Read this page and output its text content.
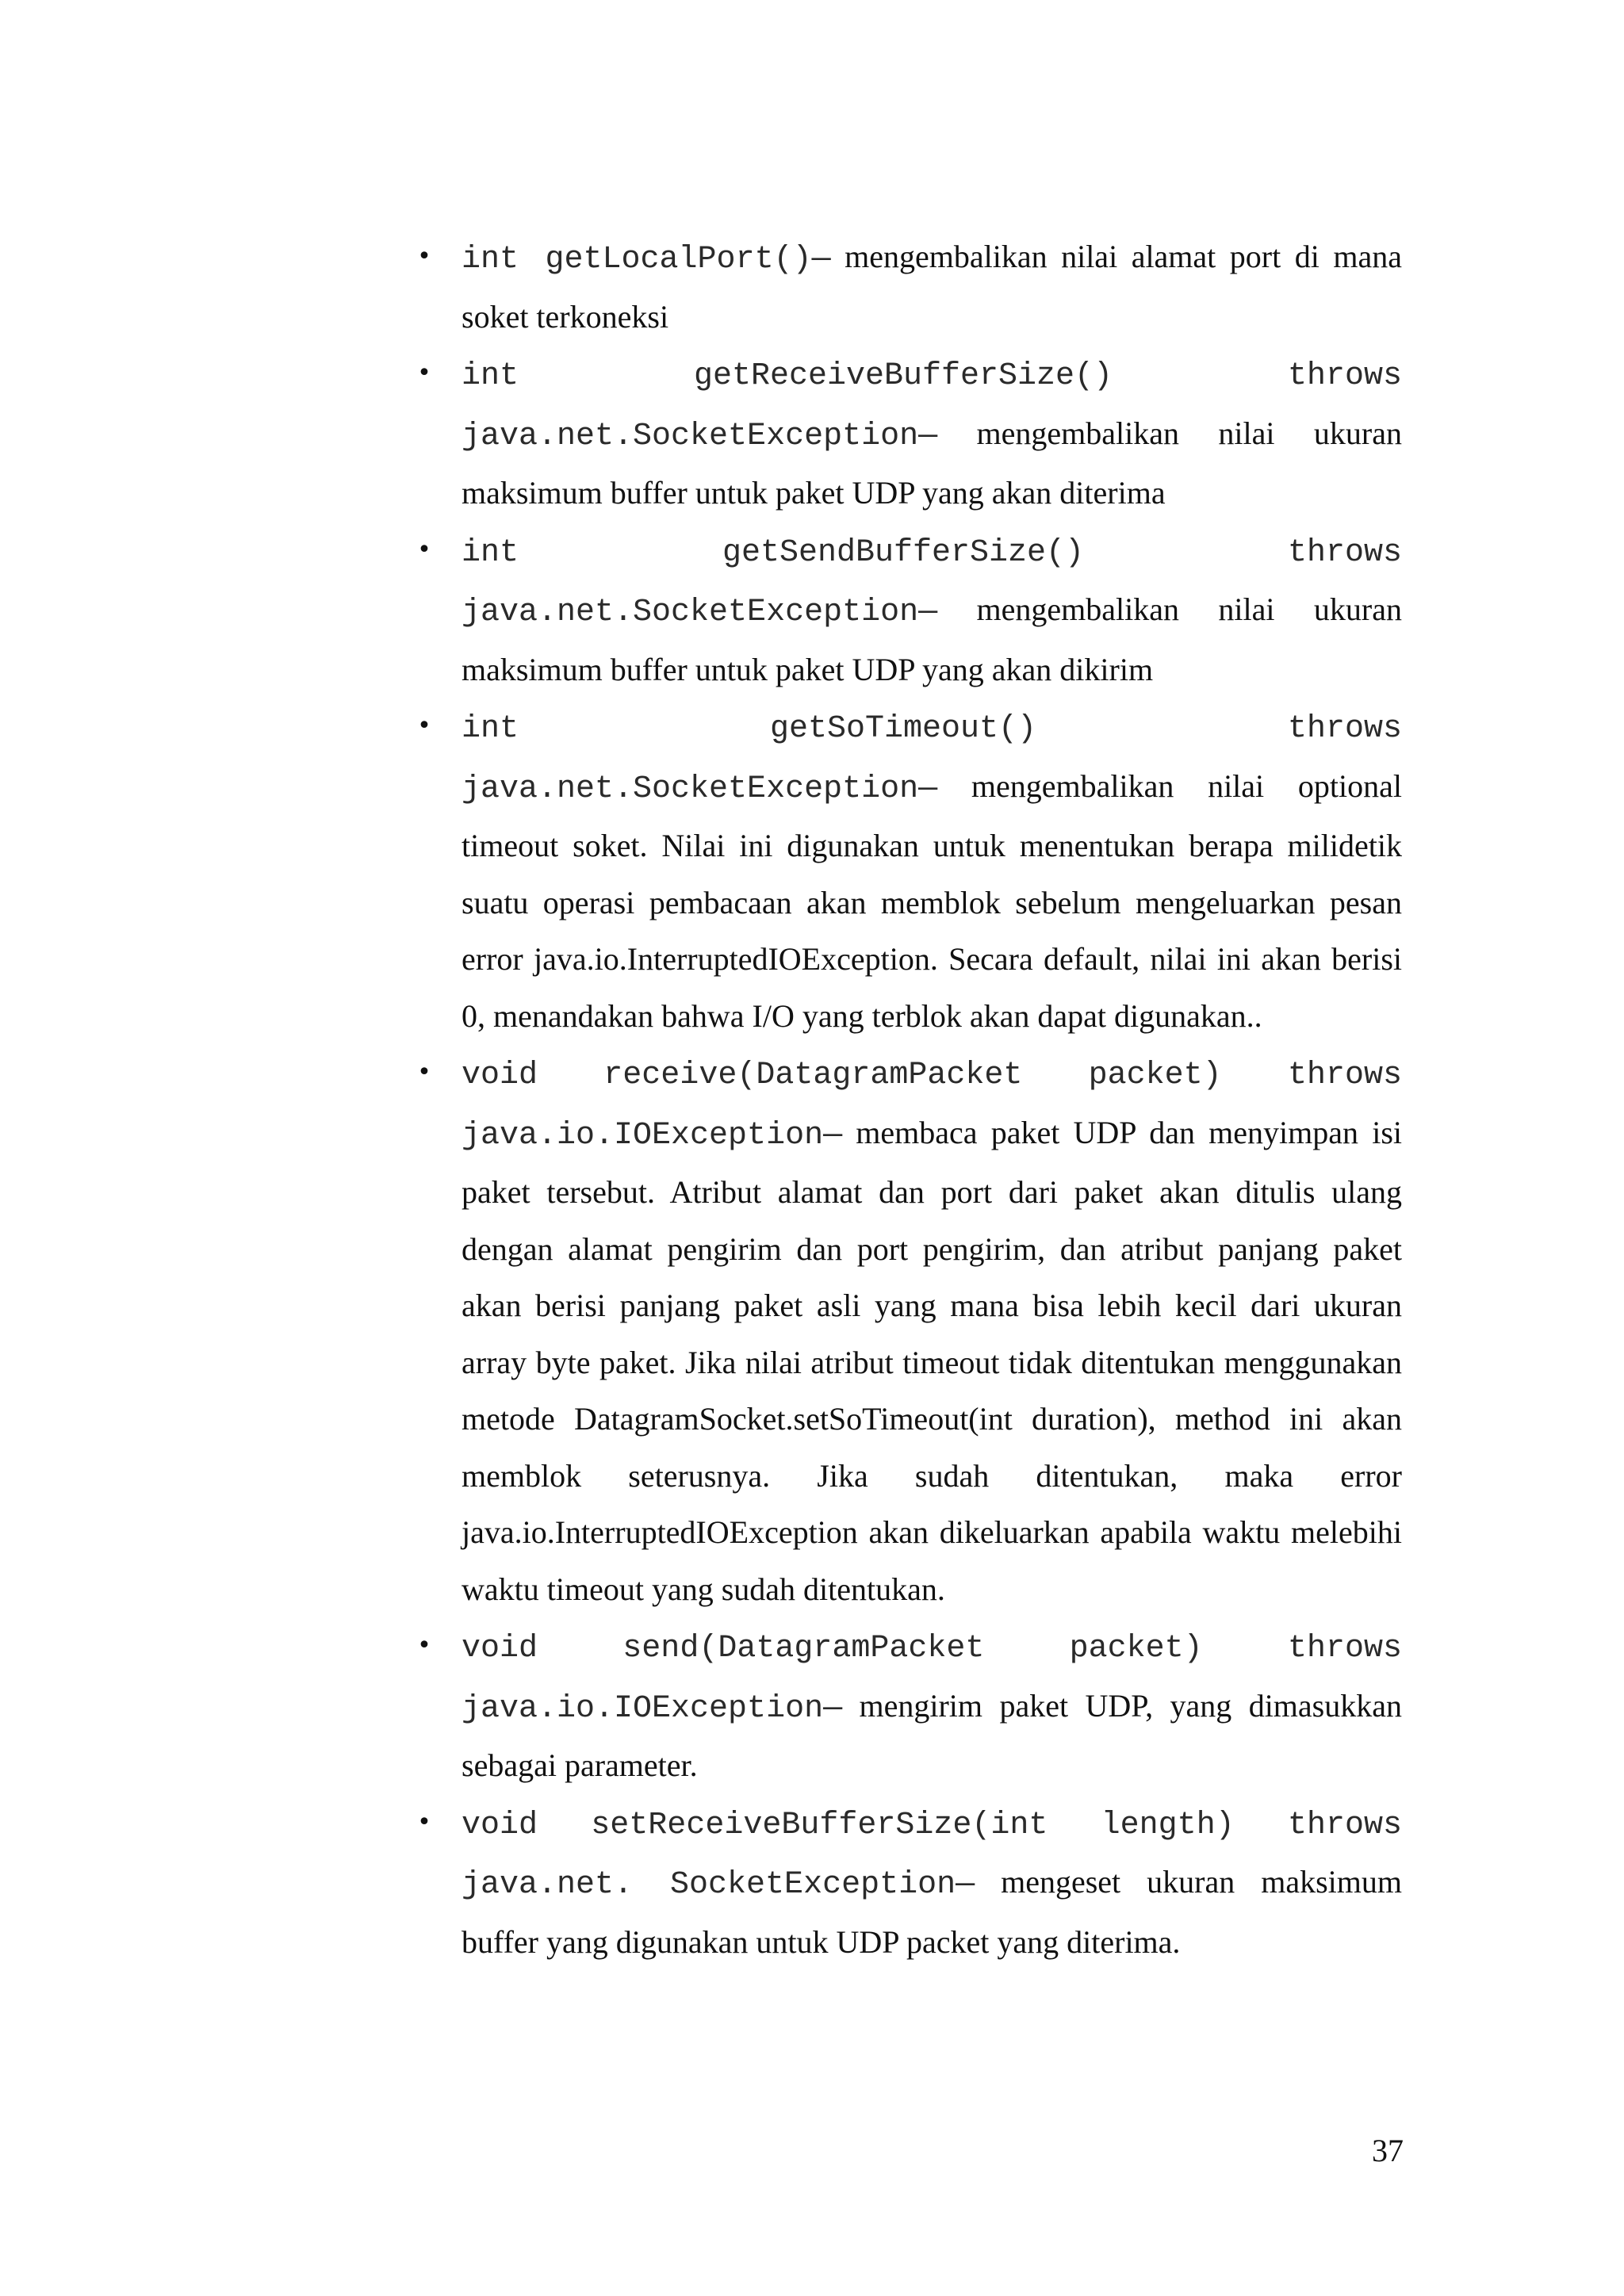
• int getLocalPort()— mengembalikan nilai alamat port di mana soket terkoneksi
• int getReceiveBufferSize() throws java.net.SocketException— mengembalikan nilai ukuran maksimum buffer untuk paket UDP yang akan diterima
• int getSendBufferSize() throws java.net.SocketException— mengembalikan nilai ukuran maksimum buffer untuk paket UDP yang akan dikirim
• int getSoTimeout() throws java.net.SocketException— mengembalikan nilai optional timeout soket. Nilai ini digunakan untuk menentukan berapa milidetik suatu operasi pembacaan akan memblok sebelum mengeluarkan pesan error java.io.InterruptedIOException. Secara default, nilai ini akan berisi 0, menandakan bahwa I/O yang terblok akan dapat digunakan..
• void receive(DatagramPacket packet) throws java.io.IOException— membaca paket UDP dan menyimpan isi paket tersebut. Atribut alamat dan port dari paket akan ditulis ulang dengan alamat pengirim dan port pengirim, dan atribut panjang paket akan berisi panjang paket asli yang mana bisa lebih kecil dari ukuran array byte paket. Jika nilai atribut timeout tidak ditentukan menggunakan metode DatagramSocket.setSoTimeout(int duration), method ini akan memblok seterusnya. Jika sudah ditentukan, maka error java.io.InterruptedIOException akan dikeluarkan apabila waktu melebihi waktu timeout yang sudah ditentukan.
• void send(DatagramPacket packet) throws java.io.IOException— mengirim paket UDP, yang dimasukkan sebagai parameter.
• void setReceiveBufferSize(int length) throws java.net. SocketException— mengeset ukuran maksimum buffer yang digunakan untuk UDP packet yang diterima.
37
